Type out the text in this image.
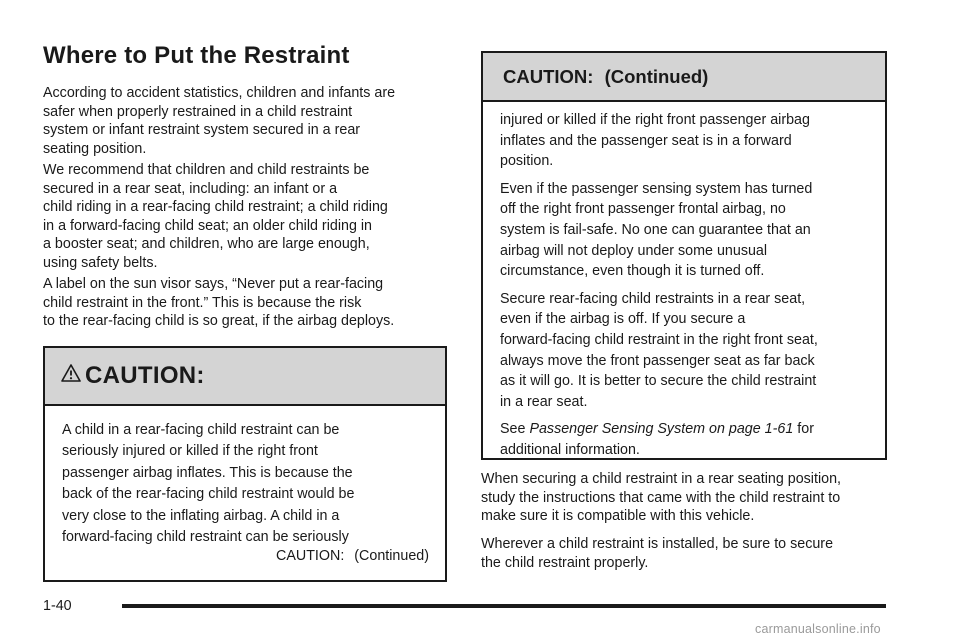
Where to Put the Restraint

According to accident statistics, children and infants are
safer when properly restrained in a child restraint
system or infant restraint system secured in a rear
seating position.

We recommend that children and child restraints be
secured in a rear seat, including: an infant or a
child riding in a rear-facing child restraint; a child riding
in a forward-facing child seat; an older child riding in
a booster seat; and children, who are large enough,
using safety belts.

A label on the sun visor says, “Never put a rear-facing
child restraint in the front.” This is because the risk
to the rear-facing child is so great, if the airbag deploys.

CAUTION:
A child in a rear-facing child restraint can be
seriously injured or killed if the right front
passenger airbag inflates. This is because the
back of the rear-facing child restraint would be
very close to the inflating airbag. A child in a
forward-facing child restraint can be seriously
CAUTION: (Continued)
CAUTION: (Continued)

injured or killed if the right front passenger airbag
inflates and the passenger seat is in a forward
position.

Even if the passenger sensing system has turned
off the right front passenger frontal airbag, no
system is fail-safe. No one can guarantee that an
airbag will not deploy under some unusual
circumstance, even though it is turned off.

Secure rear-facing child restraints in a rear seat,
even if the airbag is off. If you secure a
forward-facing child restraint in the right front seat,
always move the front passenger seat as far back
as it will go. It is better to secure the child restraint
in a rear seat.

See Passenger Sensing System on page 1-61 for
additional information.

When securing a child restraint in a rear seating position,
study the instructions that came with the child restraint to
make sure it is compatible with this vehicle.

Wherever a child restraint is installed, be sure to secure
the child restraint properly.

1-40
carmanualsonline.info
